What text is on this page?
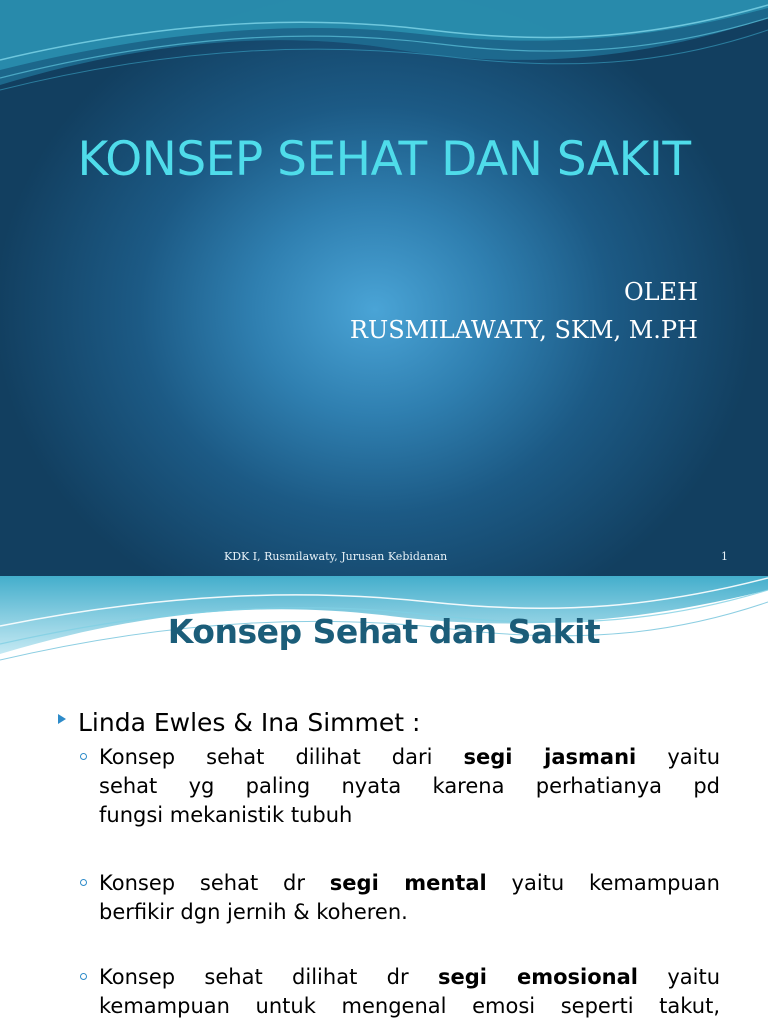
KONSEP SEHAT DAN SAKIT
OLEH
RUSMILAWATY, SKM, M.PH
KDK I, Rusmilawaty, Jurusan Kebidanan	1
Konsep Sehat dan Sakit
Linda Ewles & Ina Simmet :
Konsep sehat dilihat dari segi jasmani yaitu
sehat yg paling nyata karena perhatianya pd
fungsi mekanistik tubuh
Konsep sehat dr segi mental yaitu kemampuan
berfikir dgn jernih & koheren.
Konsep sehat dilihat dr segi emosional yaitu
kemampuan untuk mengenal emosi seperti takut,
